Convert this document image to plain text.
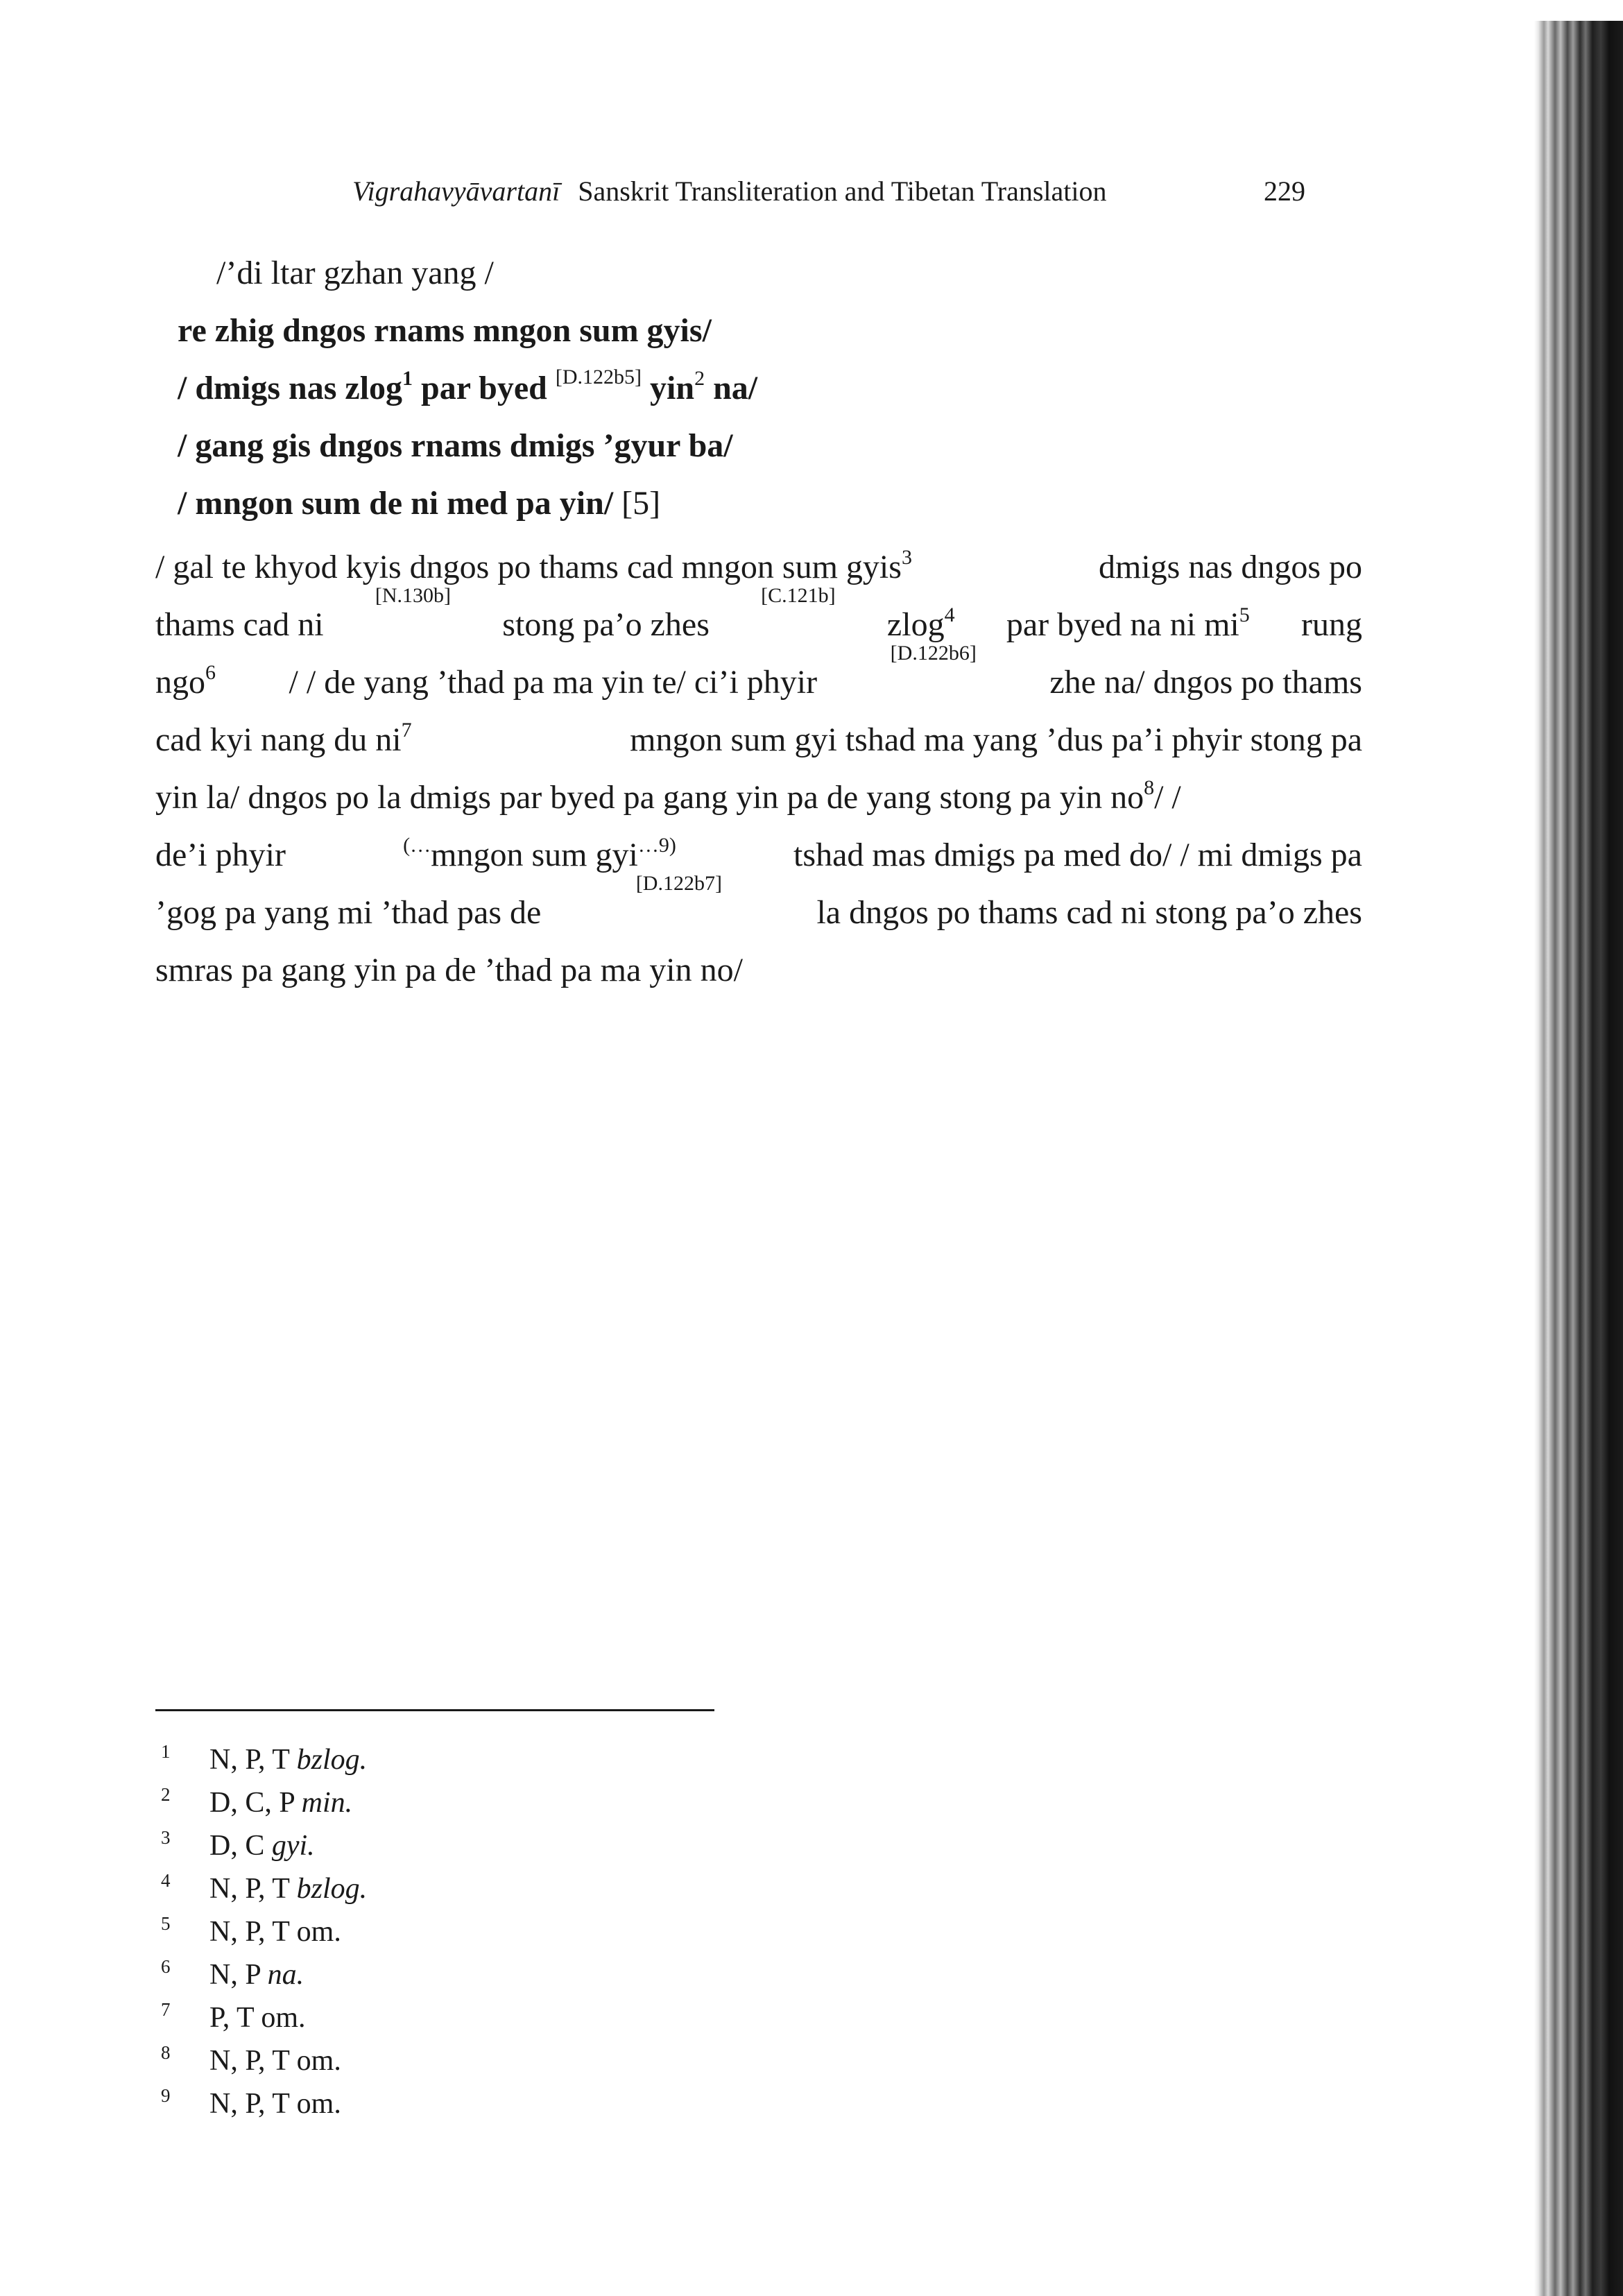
Vigrahavyāvartanī Sanskrit Transliteration and Tibetan Translation	229
/’di ltar gzhan yang /
re zhig dngos rnams mngon sum gyis/
/ dmigs nas zlog$^1$ par byed [D.122b5] yin$^2$ na/
/ gang gis dngos rnams dmigs ’gyur ba/
/ mngon sum de ni med pa yin/ [5]
/ gal te khyod kyis dngos po thams cad mngon sum gyis$^3$	dmigs nas dngos po
thams cad ni
[N.130b]
stong pa’o zhes
[C.121b]
zlog$^4$ par byed na ni mi$^5$ rung
ngo$^6$ / / de yang ’thad pa ma yin te/ ci’i phyir
[D.122b6]
zhe na/ dngos po thams
cad kyi nang du ni$^7$	mngon sum gyi tshad ma yang ’dus pa’i phyir stong pa
yin la/ dngos po la dmigs par byed pa gang yin pa de yang stong pa yin no$^8$/ /
de’i phyir	(…mngon sum gyi$^{\dots 9)}$	tshad mas dmigs pa med do/ / mi dmigs pa
’gog pa yang mi ’thad pas de
[D.122b7]
la dngos po thams cad ni stong pa’o zhes
smras pa gang yin pa de ’thad pa ma yin no/
1 N, P, T bzlog.
2 D, C, P min.
3 D, C gyi.
4 N, P, T bzlog.
5 N, P, T om.
6 N, P na.
7 P, T om.
8 N, P, T om.
9 N, P, T om.
